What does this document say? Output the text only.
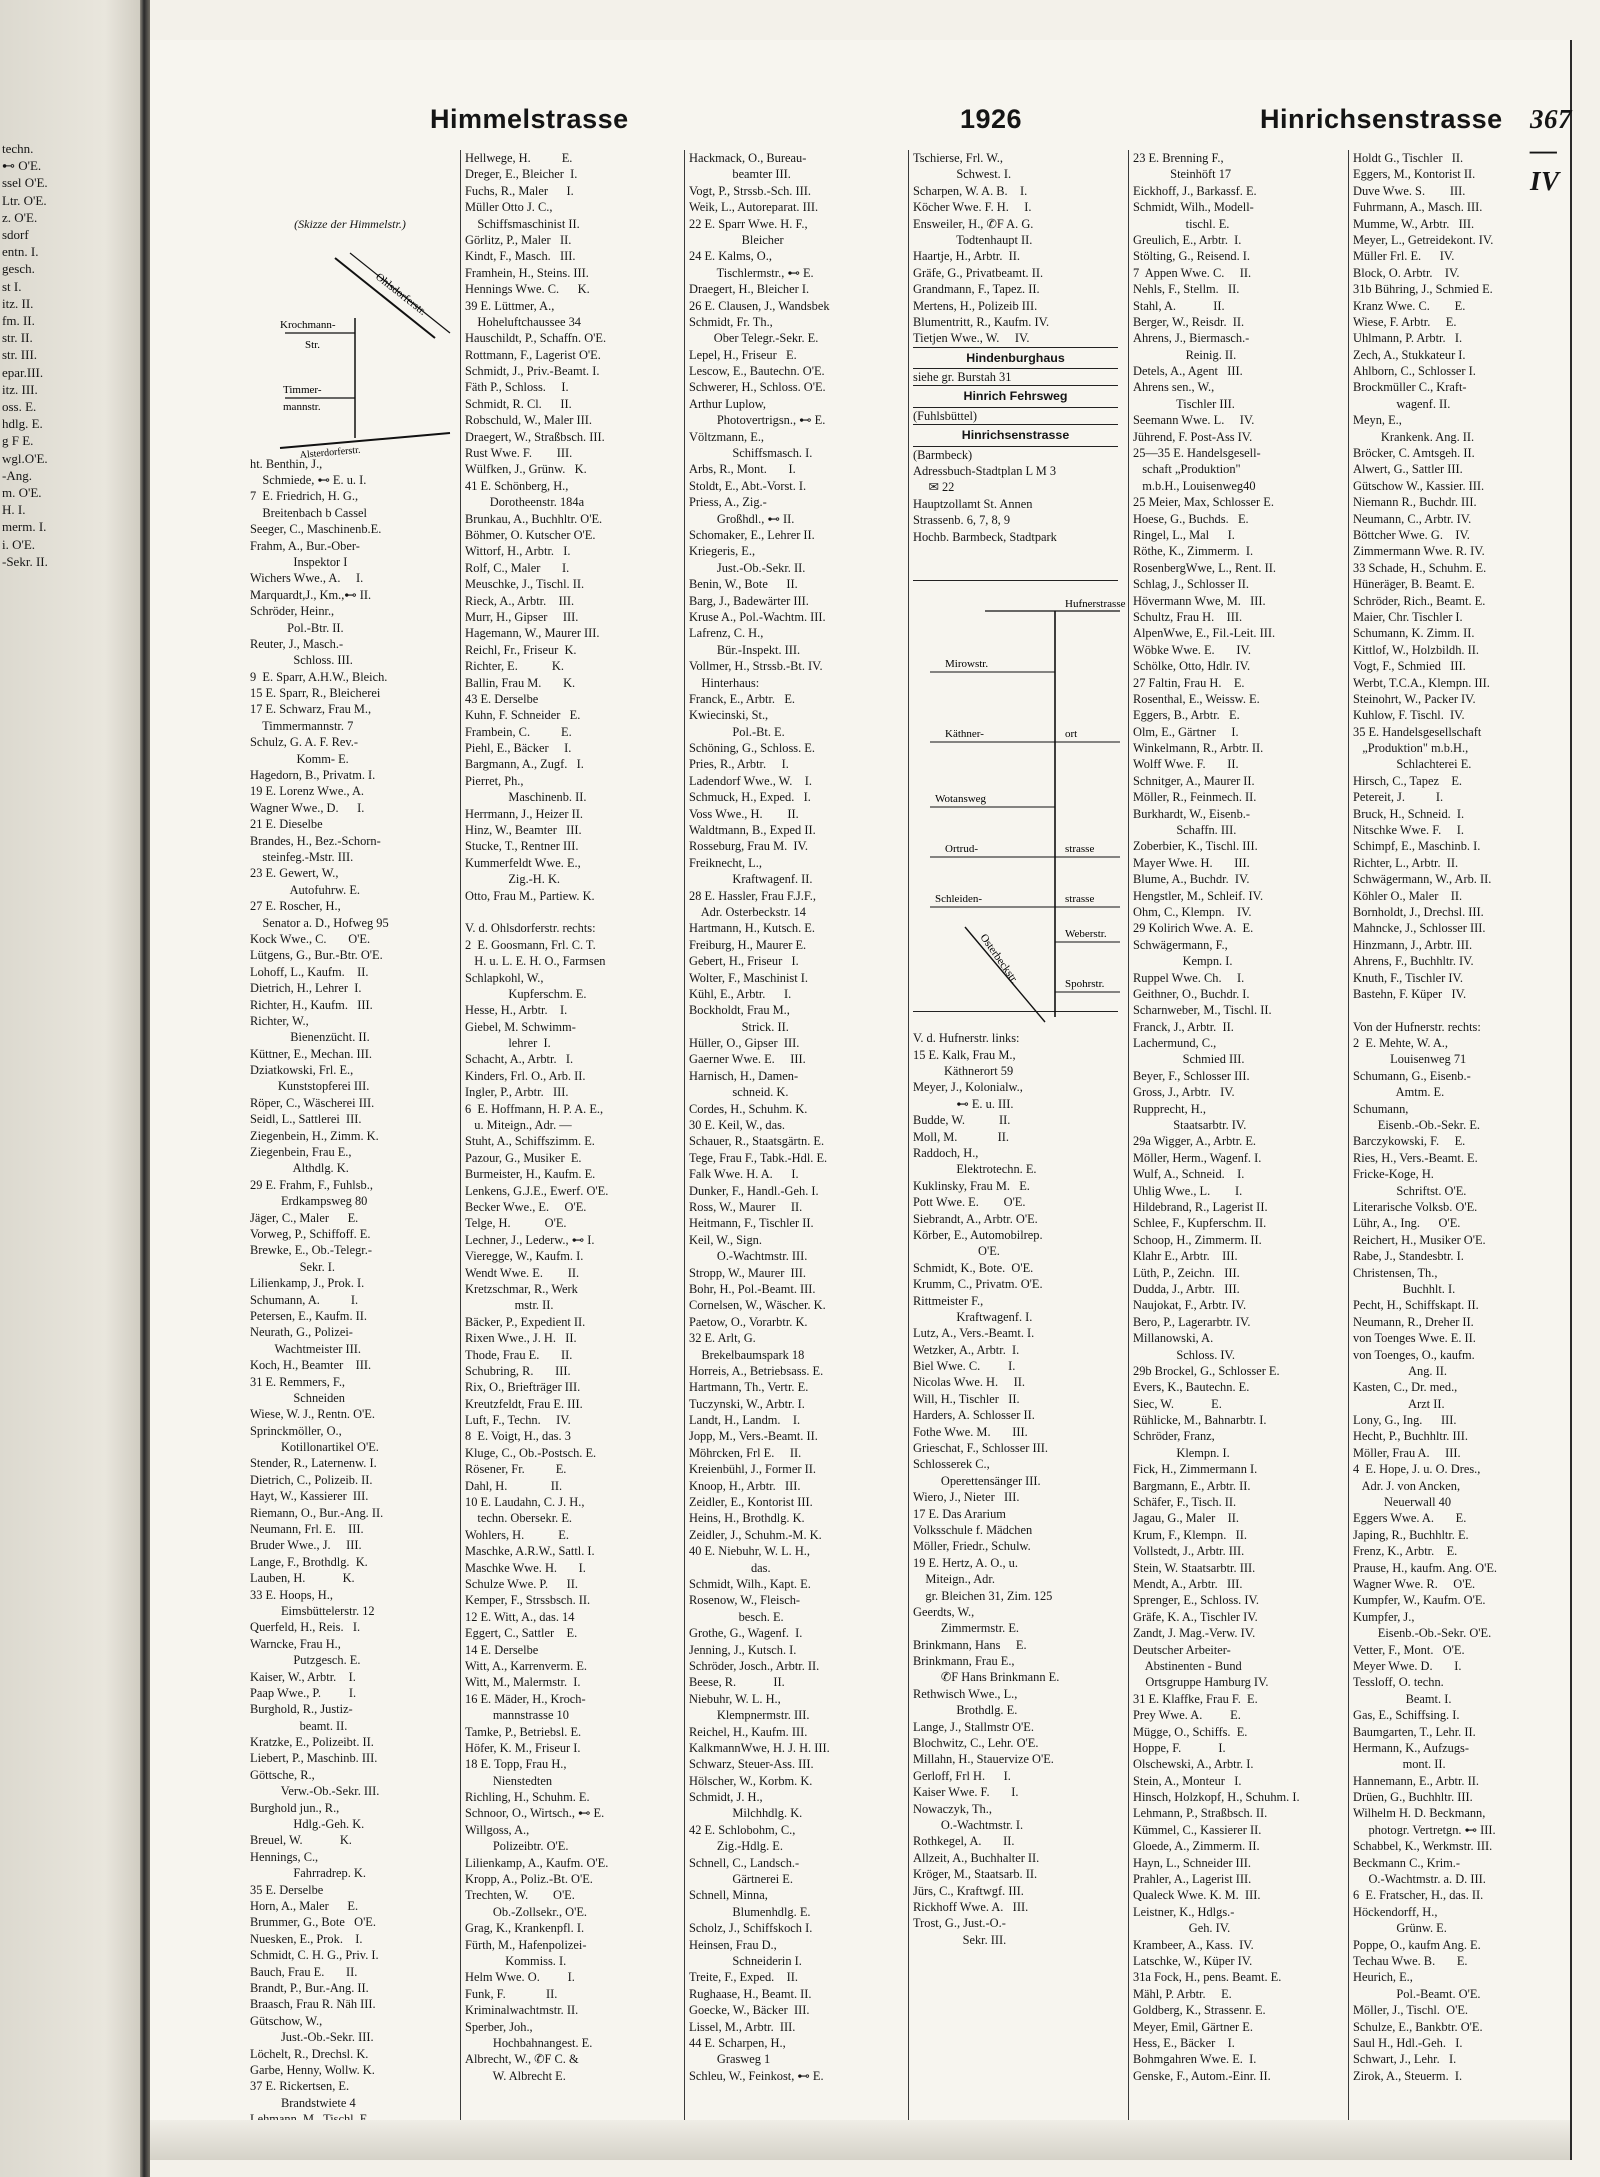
techn.
⊷ O'E.
ssel O'E.
Ltr. O'E.
z. O'E.
sdorf
entn. I.
gesch.
st I.
itz. II.
fm. II.
str. II.
str. III.
epar.III.
itz. III.
oss. E.
hdlg. E.
g F E.
wgl.O'E.
-Ang.
m. O'E.
H. I.
merm. I.
i. O'E.
-Sekr. II.
Himmelstrasse	1926	Hinrichsenstrasse 367—IV

(Skizze der Himmelstr.)

Ohlsdorferstr.
Krochmann-
Str.
Timmer-
mannstr.
Alsterdorferstr.

ht. Benthin, J.,
Schmiede, ⊷ E. u. I.
7  E. Friedrich, H. G.,
Breitenbach b Cassel
Seeger, C., Maschinenb.E.
Frahm, A., Bur.-Ober-
Inspektor I
Wichers Wwe., A.     I.
Marquardt,J., Km.,⊷ II.
Schröder, Heinr.,
Pol.-Btr. II.
Reuter, J., Masch.-
Schloss. III.
9  E. Sparr, A.H.W., Bleich.
15 E. Sparr, R., Bleicherei
17 E. Schwarz, Frau M.,
Timmermannstr. 7
Schulz, G. A. F. Rev.-
Komm- E.
Hagedorn, B., Privatm. I.
19 E. Lorenz Wwe., A.
Wagner Wwe., D.      I.
21 E. Dieselbe
Brandes, H., Bez.-Schorn-
steinfeg.-Mstr. III.
23 E. Gewert, W.,
Autofuhrw. E.
27 E. Roscher, H.,
Senator a. D., Hofweg 95
Kock Wwe., C.       O'E.
Lütgens, G., Bur.-Btr. O'E.
Lohoff, L., Kaufm.    II.
Dietrich, H., Lehrer  I.
Richter, H., Kaufm.   III.
Richter, W.,
Bienenzücht. II.
Küttner, E., Mechan. III.
Dziatkowski, Frl. E.,
Kunststopferei III.
Röper, C., Wäscherei III.
Seidl, L., Sattlerei  III.
Ziegenbein, H., Zimm. K.
Ziegenbein, Frau E.,
Althdlg. K.
29 E. Frahm, F., Fuhlsb.,
Erdkampsweg 80
Jäger, C., Maler      E.
Vorweg, P., Schiffoff. E.
Brewke, E., Ob.-Telegr.-
Sekr. I.
Lilienkamp, J., Prok. I.
Schumann, A.          I.
Petersen, E., Kaufm. II.
Neurath, G., Polizei-
Wachtmeister III.
Koch, H., Beamter    III.
31 E. Remmers, F.,
Schneiden
Wiese, W. J., Rentn. O'E.
Sprinckmöller, O.,
Kotillonartikel O'E.
Stender, R., Laternenw. I.
Dietrich, C., Polizeib. II.
Hayt, W., Kassierer  III.
Riemann, O., Bur.-Ang. II.
Neumann, Frl. E.    III.
Bruder Wwe., J.     III.
Lange, F., Brothdlg.  K.
Lauben, H.            K.
33 E. Hoops, H.,
Eimsbüttelerstr. 12
Querfeld, H., Reis.   I.
Warncke, Frau H.,
Putzgesch. E.
Kaiser, W., Arbtr.    I.
Paap Wwe., P.         I.
Burghold, R., Justiz-
beamt. II.
Kratzke, E., Polizeibt. II.
Liebert, P., Maschinb. III.
Göttsche, R.,
Verw.-Ob.-Sekr. III.
Burghold jun., R.,
Hdlg.-Geh. K.
Breuel, W.            K.
Hennings, C.,
Fahrradrep. K.
35 E. Derselbe
Horn, A., Maler      E.
Brummer, G., Bote   O'E.
Nuesken, E., Prok.    I.
Schmidt, C. H. G., Priv. I.
Bauch, Frau E.       II.
Brandt, P., Bur.-Ang. II.
Braasch, Frau R. Näh III.
Gütschow, W.,
Just.-Ob.-Sekr. III.
Löchelt, R., Drechsl. K.
Garbe, Henny, Wollw. K.
37 E. Rickertsen, E.
Brandstwiete 4
Hellwege, H.          E.
Dreger, E., Bleicher  I.
Fuchs, R., Maler      I.
Müller Otto J. C.,
Schiffsmaschinist II.
Görlitz, P., Maler   II.
Kindt, F., Masch.   III.
Framhein, H., Steins. III.
Hennings Wwe. C.      K.
39 E. Lüttmer, A.,
Hoheluftchaussee 34
Hauschildt, P., Schaffn. O'E.
Rottmann, F., Lagerist O'E.
Schmidt, J., Priv.-Beamt. I.
Fäth P., Schloss.     I.
Schmidt, R. Cl.      II.
Robschuld, W., Maler III.
Draegert, W., Straßbsch. III.
Rust Wwe. F.        III.
Wülfken, J., Grünw.   K.
41 E. Schönberg, H.,
Dorotheenstr. 184a
Brunkau, A., Buchhltr. O'E.
Böhmer, O. Kutscher O'E.
Wittorf, H., Arbtr.   I.
Rolf, C., Maler       I.
Meuschke, J., Tischl. II.
Rieck, A., Arbtr.    III.
Murr, H., Gipser     III.
Hagemann, W., Maurer III.
Reichl, Fr., Friseur  K.
Richter, E.           K.
Ballin, Frau M.       K.
43 E. Derselbe
Kuhn, F. Schneider   E.
Frambein, C.          E.
Piehl, E., Bäcker     I.
Bargmann, A., Zugf.   I.
Pierret, Ph.,
Maschinenb. II.
Herrmann, J., Heizer II.
Hinz, W., Beamter   III.
Stucke, T., Rentner III.
Kummerfeldt Wwe. E.,
Zig.-H. K.
Otto, Frau M., Partiew. K.
V. d. Ohlsdorferstr. rechts:
2  E. Goosmann, Frl. C. T.
H. u. L. E. H. O., Farmsen
Schlapkohl, W.,
Kupferschm. E.
Hesse, H., Arbtr.    I.
Giebel, M. Schwimm-
lehrer  I.
Schacht, A., Arbtr.   I.
Kinders, Frl. O., Arb. II.
Ingler, P., Arbtr.   III.
6  E. Hoffmann, H. P. A. E.,
u. Miteign., Adr. —
Stuht, A., Schiffszimm. E.
Pazour, G., Musiker  E.
Burmeister, H., Kaufm. E.
Lenkens, G.J.E., Ewerf. O'E.
Becker Wwe., E.     O'E.
Telge, H.           O'E.
Lechner, J., Lederw., ⊷ I.
Vieregge, W., Kaufm. I.
Wendt Wwe. E.        II.
Kretzschmar, R., Werk
mstr. II.
Bäcker, P., Expedient II.
Rixen Wwe., J. H.   II.
Thode, Frau E.       II.
Schubring, R.       III.
Rix, O., Briefträger III.
Kreutzfeldt, Frau E. III.
Luft, F., Techn.     IV.
8  E. Voigt, H., das. 3
Kluge, C., Ob.-Postsch. E.
Rösener, Fr.          E.
Dahl, H.              II.
10 E. Laudahn, C. J. H.,
techn. Obersekr. E.
Wohlers, H.           E.
Maschke, A.R.W., Sattl. I.
Maschke Wwe. H.       I.
Schulze Wwe. P.      II.
Kemper, F., Strssbsch. II.
12 E. Witt, A., das. 14
Eggert, C., Sattler    E.
14 E. Derselbe
Witt, A., Karrenverm. E.
Witt, M., Malermstr.  I.
16 E. Mäder, H., Kroch-
mannstrasse 10
Tamke, P., Betriebsl. E.
Höfer, K. M., Friseur I.
18 E. Topp, Frau H.,
Nienstedten
Richling, H., Schuhm. E.
Schnoor, O., Wirtsch., ⊷ E.
Willgoss, A.,
Polizeibtr. O'E.
Lilienkamp, A., Kaufm. O'E.
Kropp, A., Poliz.-Bt. O'E.
Trechten, W.        O'E.
Ob.-Zollsekr., O'E.
Grag, K., Krankenpfl. I.
Fürth, M., Hafenpolizei-
Kommiss. I.
Helm Wwe. O.         I.
Funk, F.             II.
Kriminalwachtmstr. II.
Sperber, Joh.,
Hochbahnangest. E.
Albrecht, W., ✆F C. &
W. Albrecht E.
Hackmack, O., Bureau-
beamter III.
Vogt, P., Strssb.-Sch. III.
Weik, L., Autoreparat. III.
22 E. Sparr Wwe. H. F.,
Bleicher
24 E. Kalms, O.,
Tischlermstr., ⊷ E.
Draegert, H., Bleicher I.
26 E. Clausen, J., Wandsbek
Schmidt, Fr. Th.,
Ober Telegr.-Sekr. E.
Lepel, H., Friseur   E.
Lescow, E., Bautechn. O'E.
Schwerer, H., Schloss. O'E.
Arthur Luplow,
Photovertrigsn., ⊷ E.
Völtzmann, E.,
Schiffsmasch. I.
Arbs, R., Mont.       I.
Stoldt, E., Abt.-Vorst. I.
Priess, A., Zig.-
Großhdl., ⊷ II.
Schomaker, E., Lehrer II.
Kriegeris, E.,
Just.-Ob.-Sekr. II.
Benin, W., Bote      II.
Barg, J., Badewärter III.
Kruse A., Pol.-Wachtm. III.
Lafrenz, C. H.,
Bür.-Inspekt. III.
Vollmer, H., Strssb.-Bt. IV.
Hinterhaus:
Franck, E., Arbtr.   E.
Kwiecinski, St.,
Pol.-Bt. E.
Schöning, G., Schloss. E.
Pries, R., Arbtr.     I.
Ladendorf Wwe., W.    I.
Schmuck, H., Exped.   I.
Voss Wwe., H.        II.
Waldtmann, B., Exped II.
Rosseburg, Frau M.  IV.
Freiknecht, L.,
Kraftwagenf. II.
28 E. Hassler, Frau F.J.F.,
Adr. Osterbeckstr. 14
Hartmann, H., Kutsch. E.
Freiburg, H., Maurer E.
Gebert, H., Friseur   I.
Wolter, F., Maschinist I.
Kühl, E., Arbtr.      I.
Bockholdt, Frau M.,
Strick. II.
Hüller, O., Gipser  III.
Gaerner Wwe. E.     III.
Harnisch, H., Damen-
schneid. K.
Cordes, H., Schuhm. K.
30 E. Keil, W., das.
Schauer, R., Staatsgärtn. E.
Tege, Frau F., Tabk.-Hdl. E.
Falk Wwe. H. A.      I.
Dunker, F., Handl.-Geh. I.
Ross, W., Maurer     II.
Heitmann, F., Tischler II.
Keil, W., Sign.
O.-Wachtmstr. III.
Stropp, W., Maurer  III.
Bohr, H., Pol.-Beamt. III.
Cornelsen, W., Wäscher. K.
Paetow, O., Vorarbtr. K.
32 E. Arlt, G.
Brekelbaumspark 18
Horreis, A., Betriebsass. E.
Hartmann, Th., Vertr. E.
Tuczynski, W., Arbtr. I.
Landt, H., Landm.    I.
Jopp, M., Vers.-Beamt. II.
Möhrcken, Frl E.     II.
Kreienbühl, J., Former II.
Knoop, H., Arbtr.   III.
Zeidler, E., Kontorist III.
Heins, H., Brothdlg. K.
Zeidler, J., Schuhm.-M. K.
40 E. Niebuhr, W. L. H.,
das.
Schmidt, Wilh., Kapt. E.
Rosenow, W., Fleisch-
besch. E.
Grothe, G., Wagenf.  I.
Jenning, J., Kutsch. I.
Schröder, Josch., Arbtr. II.
Beese, R.            II.
Niebuhr, W. L. H.,
Klempnermstr. III.
Reichel, H., Kaufm. III.
KalkmannWwe, H. J. H. III.
Schwarz, Steuer-Ass. III.
Hölscher, W., Korbm. K.
Schmidt, J. H.,
Milchhdlg. K.
42 E. Schlobohm, C.,
Zig.-Hdlg. E.
Schnell, C., Landsch.-
Gärtnerei E.
Schnell, Minna,
Blumenhdlg. E.
Scholz, J., Schiffskoch I.
Heinsen, Frau D.,
Schneiderin I.
Treite, F., Exped.    II.
Rughaase, H., Beamt. II.
Goecke, W., Bäcker  III.
Lissel, M., Arbtr.  III.
44 E. Scharpen, H.,
Grasweg 1
Schleu, W., Feinkost, ⊷ E.
Tschierse, Frl. W.,
Schwest. I.
Scharpen, W. A. B.    I.
Köcher Wwe. F. H.     I.
Ensweiler, H., ✆F A. G.
Todtenhaupt II.
Haartje, H., Arbtr.  II.
Gräfe, G., Privatbeamt. II.
Grandmann, F., Tapez. II.
Mertens, H., Polizeib III.
Blumentritt, R., Kaufm. IV.
Tietjen Wwe., W.     IV.
Hindenburghaus
siehe gr. Burstah 31
Hinrich Fehrsweg
(Fuhlsbüttel)
Hinrichsenstrasse
(Barmbeck)
Adressbuch-Stadtplan L M 3
✉ 22
Hauptzollamt St. Annen
Strassenb. 6, 7, 8, 9
Hochb. Barmbeck, Stadtpark

Hufnerstrasse
Mirowstr.
Käthner-	ort
Wotansweg
Ortrud-	strasse
Schleiden-	strasse
Weberstr.
Spohrstr.
Osterbeckstr.

V. d. Hufnerstr. links:
15 E. Kalk, Frau M.,
Käthnerort 59
Meyer, J., Kolonialw.,
⊷ E. u. III.
Budde, W.           II.
Moll, M.             II.
Raddoch, H.,
Elektrotechn. E.
Kuklinsky, Frau M.   E.
Pott Wwe. E.        O'E.
Siebrandt, A., Arbtr. O'E.
Körber, E., Automobilrep.
O'E.
Schmidt, K., Bote.  O'E.
Krumm, C., Privatm. O'E.
Rittmeister F.,
Kraftwagenf. I.
Lutz, A., Vers.-Beamt. I.
Wetzker, A., Arbtr.  I.
Biel Wwe. C.         I.
Nicolas Wwe. H.     II.
Will, H., Tischler   II.
Harders, A. Schlosser II.
Fothe Wwe. M.       III.
Grieschat, F., Schlosser III.
Schlosserek C.,
Operettensänger III.
Wiero, J., Nieter   III.
17 E. Das Ararium
Volksschule f. Mädchen
Möller, Friedr., Schulw.
19 E. Hertz, A. O., u.
Miteign., Adr.
gr. Bleichen 31, Zim. 125
Geerdts, W.,
Zimmermstr. E.
Brinkmann, Hans     E.
Brinkmann, Frau E.,
✆F Hans Brinkmann E.
Rethwisch Wwe., L.,
Brothdlg. E.
Lange, J., Stallmstr O'E.
Blochwitz, C., Lehr. O'E.
Millahn, H., Stauervize O'E.
Gerloff, Frl H.      I.
Kaiser Wwe. F.       I.
Nowaczyk, Th.,
O.-Wachtmstr. I.
Rothkegel, A.       II.
Allzeit, A., Buchhalter II.
Kröger, M., Staatsarb. II.
Jürs, C., Kraftwgf. III.
Rickhoff Wwe. A.   III.
Trost, G., Just.-O.-
Sekr. III.
23 E. Brenning F.,
Steinhöft 17
Eickhoff, J., Barkassf. E.
Schmidt, Wilh., Modell-
tischl. E.
Greulich, E., Arbtr.  I.
Stölting, G., Reisend. I.
7  Appen Wwe. C.     II.
Nehls, F., Stellm.   II.
Stahl, A.            II.
Berger, W., Reisdr.  II.
Ahrens, J., Biermasch.-
Reinig. II.
Detels, A., Agent   III.
Ahrens sen., W.,
Tischler III.
Seemann Wwe. L.     IV.
Jührend, F. Post-Ass IV.
25—35 E. Handelsgesell-
schaft „Produktion"
m.b.H., Louisenweg40
25 Meier, Max, Schlosser E.
Hoese, G., Buchds.   E.
Ringel, L., Mal      I.
Röthe, K., Zimmerm.  I.
RosenbergWwe, L., Rent. II.
Schlag, J., Schlosser II.
Hövermann Wwe, M.   III.
Schultz, Frau H.    III.
AlpenWwe, E., Fil.-Leit. III.
Wöbke Wwe. E.       IV.
Schölke, Otto, Hdlr. IV.
27 Faltin, Frau H.    E.
Rosenthal, E., Weissw. E.
Eggers, B., Arbtr.   E.
Olm, E., Gärtner     I.
Winkelmann, R., Arbtr. II.
Wolff Wwe. F.       II.
Schnitger, A., Maurer II.
Möller, R., Feinmech. II.
Burkhardt, W., Eisenb.-
Schaffn. III.
Zoberbier, K., Tischl. III.
Mayer Wwe. H.       III.
Blume, A., Buchdr.  IV.
Hengstler, M., Schleif. IV.
Ohm, C., Klempn.    IV.
29 Kolirich Wwe. A.  E.
Schwägermann, F.,
Kempn. I.
Ruppel Wwe. Ch.     I.
Geithner, O., Buchdr. I.
Scharnweber, M., Tischl. II.
Franck, J., Arbtr.  II.
Lachermund, C.,
Schmied III.
Beyer, F., Schlosser III.
Gross, J., Arbtr.   IV.
Rupprecht, H.,
Staatsarbtr. IV.
29a Wigger, A., Arbtr. E.
Möller, Herm., Wagenf. I.
Wulf, A., Schneid.    I.
Uhlig Wwe., L.        I.
Hildebrand, R., Lagerist II.
Schlee, F., Kupferschm. II.
Schoop, H., Zimmerm. II.
Klahr E., Arbtr.    III.
Lüth, P., Zeichn.   III.
Dudda, J., Arbtr.   III.
Naujokat, F., Arbtr. IV.
Bero, P., Lagerarbtr. IV.
Millanowski, A.
Schloss. IV.
29b Brockel, G., Schlosser E.
Evers, K., Bautechn. E.
Siec, W.            E.
Rühlicke, M., Bahnarbtr. I.
Schröder, Franz,
Klempn. I.
Fick, H., Zimmermann I.
Bargmann, E., Arbtr. II.
Schäfer, F., Tisch. II.
Jagau, G., Maler    II.
Krum, F., Klempn.   II.
Vollstedt, J., Arbtr. III.
Stein, W. Staatsarbtr. III.
Mendt, A., Arbtr.   III.
Sprenger, E., Schloss. IV.
Gräfe, K. A., Tischler IV.
Zandt, J. Mag.-Verw. IV.
Deutscher Arbeiter-
Abstinenten - Bund
Ortsgruppe Hamburg IV.
31 E. Klaffke, Frau F.  E.
Prey Wwe. A.         E.
Mügge, O., Schiffs.  E.
Hoppe, F.            I.
Olschewski, A., Arbtr. I.
Stein, A., Monteur   I.
Hinsch, Holzkopf, H., Schuhm. I.
Lehmann, P., Straßbsch. II.
Kümmel, C., Kassierer II.
Gloede, A., Zimmerm. II.
Hayn, L., Schneider III.
Prahler, A., Lagerist III.
Qualeck Wwe. K. M.  III.
Leistner, K., Hdlgs.-
Geh. IV.
Krambeer, A., Kass.  IV.
Latschke, W., Küper IV.
31a Fock, H., pens. Beamt. E.
Mähl, P. Arbtr.     E.
Goldberg, K., Strassenr. E.
Meyer, Emil, Gärtner E.
Hess, E., Bäcker    I.
Bohmgahren Wwe. E.  I.
Genske, F., Autom.-Einr. II.
Holdt G., Tischler   II.
Eggers, M., Kontorist II.
Duve Wwe. S.        III.
Fuhrmann, A., Masch. III.
Mumme, W., Arbtr.   III.
Meyer, L., Getreidekont. IV.
Müller Frl. E.      IV.
Block, O. Arbtr.    IV.
31b Bühring, J., Schmied E.
Kranz Wwe. C.        E.
Wiese, F. Arbtr.     E.
Uhlmann, P. Arbtr.   I.
Zech, A., Stukkateur I.
Ahlborn, C., Schlosser I.
Brockmüller C., Kraft-
wagenf. II.
Meyn, E.,
Krankenk. Ang. II.
Bröcker, C. Amtsgeh. II.
Alwert, G., Sattler III.
Gütschow W., Kassier. III.
Niemann R., Buchdr. III.
Neumann, C., Arbtr. IV.
Böttcher Wwe. G.    IV.
Zimmermann Wwe. R. IV.
33 Schade, H., Schuhm. E.
Hüneräger, B. Beamt. E.
Schröder, Rich., Beamt. E.
Maier, Chr. Tischler I.
Schumann, K. Zimm. II.
Kittlof, W., Holzbildh. II.
Vogt, F., Schmied   III.
Werbt, T.C.A., Klempn. III.
Steinohrt, W., Packer IV.
Kuhlow, F. Tischl.  IV.
35 E. Handelsgesellschaft
„Produktion" m.b.H.,
Schlachterei E.
Hirsch, C., Tapez    E.
Petereit, J.          I.
Bruck, H., Schneid.  I.
Nitschke Wwe. F.     I.
Schimpf, E., Maschinb. I.
Richter, L., Arbtr.  II.
Schwägermann, W., Arb. II.
Köhler O., Maler    II.
Bornholdt, J., Drechsl. III.
Mahncke, J., Schlosser III.
Hinzmann, J., Arbtr. III.
Ahrens, F., Buchhltr. IV.
Knuth, F., Tischler IV.
Bastehn, F. Küper   IV.
Von der Hufnerstr. rechts:
2  E. Mehte, W. A.,
Louisenweg 71
Schumann, G., Eisenb.-
Amtm. E.
Schumann,
Eisenb.-Ob.-Sekr. E.
Barczykowski, F.     E.
Ries, H., Vers.-Beamt. E.
Fricke-Koge, H.
Schriftst. O'E.
Literarische Volksb. O'E.
Lühr, A., Ing.      O'E.
Reichert, H., Musiker O'E.
Rabe, J., Standesbtr. I.
Christensen, Th.,
Buchhlt. I.
Pecht, H., Schiffskapt. II.
Neumann, R., Dreher II.
von Toenges Wwe. E. II.
von Toenges, O., kaufm.
Ang. II.
Kasten, C., Dr. med.,
Arzt II.
Lony, G., Ing.      III.
Hecht, P., Buchhltr. III.
Möller, Frau A.     III.
4  E. Hope, J. u. O. Dres.,
Adr. J. von Ancken,
Neuerwall 40
Eggers Wwe. A.       E.
Japing, R., Buchhltr. E.
Frenz, K., Arbtr.    E.
Prause, H., kaufm. Ang. O'E.
Wagner Wwe. R.     O'E.
Kumpfer, W., Kaufm. O'E.
Kumpfer, J.,
Eisenb.-Ob.-Sekr. O'E.
Vetter, F., Mont.   O'E.
Meyer Wwe. D.       I.
Tessloff, O. techn.
Beamt. I.
Gas, E., Schiffsing. I.
Baumgarten, T., Lehr. II.
Hermann, K., Aufzugs-
mont. II.
Hannemann, E., Arbtr. II.
Drüen, G., Buchhltr. III.
Wilhelm H. D. Beckmann,
photogr. Vertretgn. ⊷ III.
Schabbel, K., Werkmstr. III.
Beckmann C., Krim.-
O.-Wachtmstr. a. D. III.
6  E. Fratscher, H., das. II.
Höckendorff, H.,
Grünw. E.
Poppe, O., kaufm Ang. E.
Techau Wwe. B.       E.
Heurich, E.,
Pol.-Beamt. O'E.
Möller, J., Tischl.  O'E.
Schulze, E., Bankbtr. O'E.
Saul H., Hdl.-Geh.   I.
Schwart, J., Lehr.   I.
Zirok, A., Steuerm.  I.
